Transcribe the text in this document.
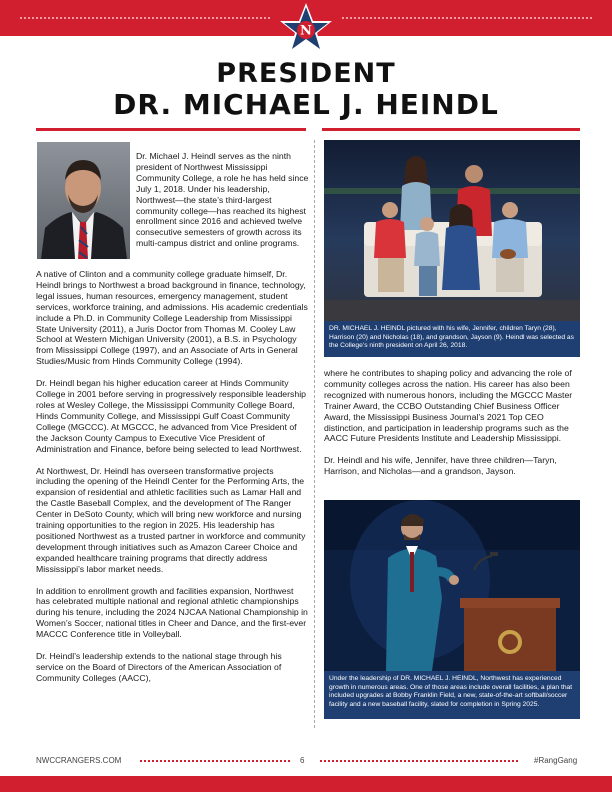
N
PRESIDENT
DR. MICHAEL J. HEINDL
Dr. Michael J. Heindl serves as the ninth president of Northwest Mississippi Community College, a role he has held since July 1, 2018. Under his leadership, Northwest—the state’s third-largest community college—has reached its highest enrollment since 2016 and achieved twelve consecutive semesters of growth across its multi-campus district and online programs.

A native of Clinton and a community college graduate himself, Dr. Heindl brings to Northwest a broad background in finance, technology, legal issues, human resources, emergency management, student services, workforce training, and admissions. His academic credentials include a Ph.D. in Community College Leadership from Mississippi State University (2011), a Juris Doctor from Thomas M. Cooley Law School at Western Michigan University (2001), a B.S. in Psychology from Mississippi College (1997), and an Associate of Arts in General Studies/Music from Hinds Community College (1994).

Dr. Heindl began his higher education career at Hinds Community College in 2001 before serving in progressively responsible leadership roles at Wesley College, the Mississippi Community College Board, Hinds Community College, and Mississippi Gulf Coast Community College (MGCCC). At MGCCC, he advanced from Vice President of the Jackson County Campus to Executive Vice President of Administration and Finance, before being selected to lead Northwest.

At Northwest, Dr. Heindl has overseen transformative projects including the opening of the Heindl Center for the Performing Arts, the expansion of residential and athletic facilities such as Lamar Hall and the Castle Baseball Complex, and the development of The Ranger Center in DeSoto County, which will bring new workforce and nursing training opportunities to the region in 2025. His leadership has positioned Northwest as a trusted partner in workforce and community development through initiatives such as Amazon Career Choice and expanded healthcare training programs that directly address Mississippi’s labor market needs.

In addition to enrollment growth and facilities expansion, Northwest has celebrated multiple national and regional athletic championships during his tenure, including the 2024 NJCAA National Championship in Women’s Soccer, national titles in Cheer and Dance, and the first-ever MACCC Conference title in Volleyball.

Dr. Heindl’s leadership extends to the national stage through his service on the Board of Directors of the American Association of Community Colleges (AACC),

DR. MICHAEL J. HEINDL pictured with his wife, Jennifer, children Taryn (28), Harrison (20) and Nicholas (18), and grandson, Jayson (9). Heindl was selected as the College’s ninth president on April 26, 2018.

where he contributes to shaping policy and advancing the role of community colleges across the nation. His career has also been recognized with numerous honors, including the MGCCC Master Trainer Award, the CCBO Outstanding Chief Business Officer Award, the Mississippi Business Journal’s 2021 Top CEO distinction, and participation in leadership programs such as the AACC Future Presidents Institute and Leadership Mississippi.

Dr. Heindl and his wife, Jennifer, have three children—Taryn, Harrison, and Nicholas—and a grandson, Jayson.

Under the leadership of DR. MICHAEL J. HEINDL, Northwest has experienced growth in numerous areas. One of those areas include overall facilities, a plan that included upgrades at Bobby Franklin Field, a new, state-of-the-art softball/soccer facility and a new baseball facility, slated for completion in Spring 2025.
NWCCRANGERS.COM	6	#RangGang
